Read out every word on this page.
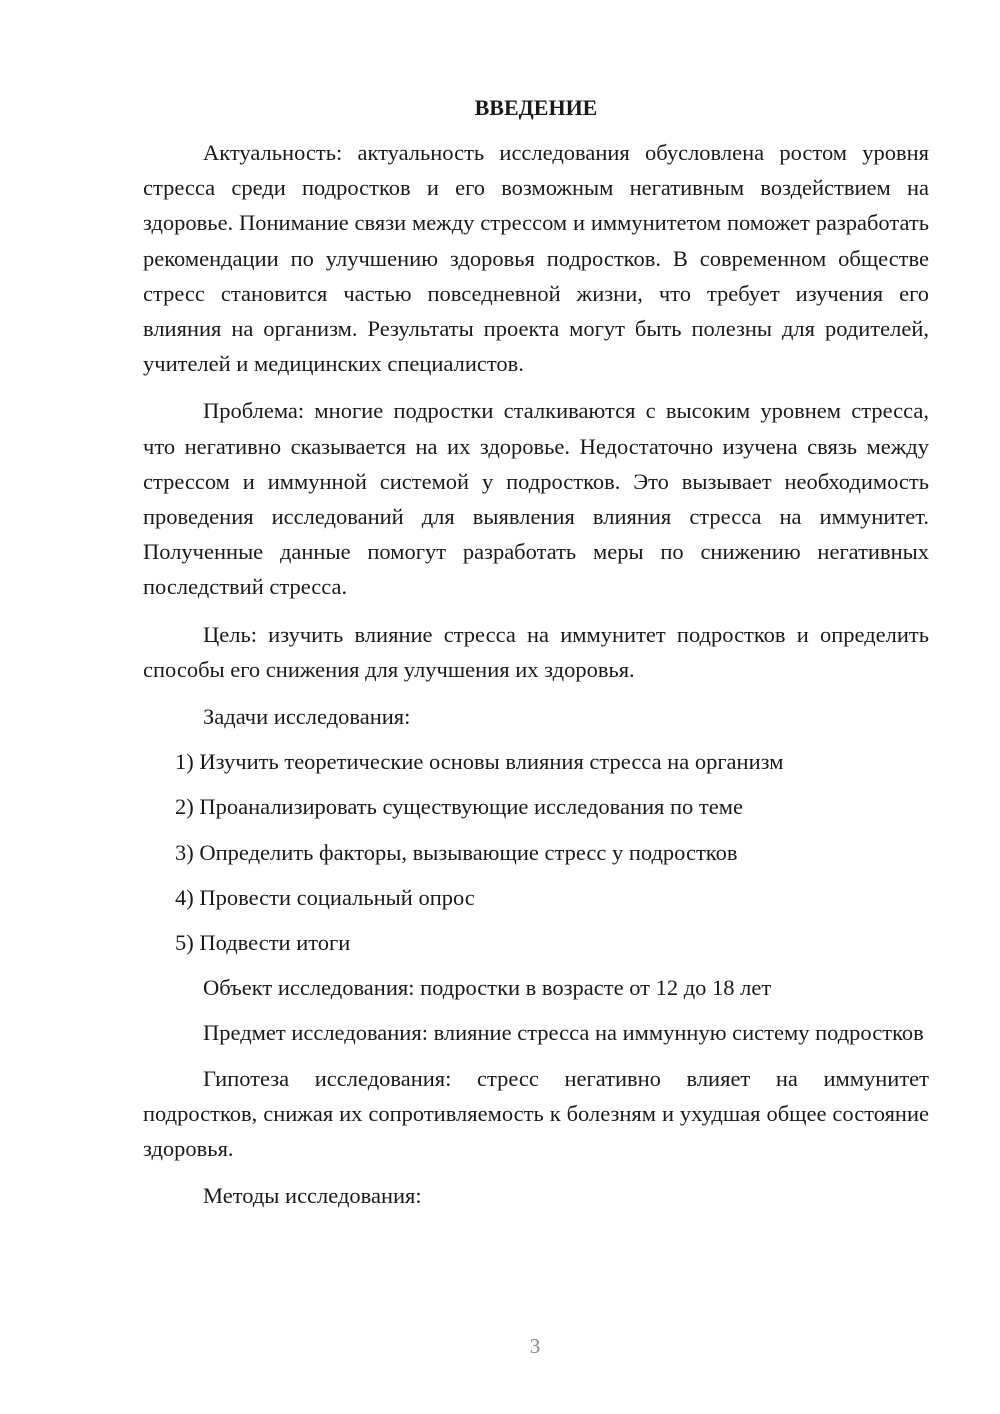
ВВЕДЕНИЕ

Актуальность: актуальность исследования обусловлена ростом уровня стресса среди подростков и его возможным негативным воздействием на здоровье. Понимание связи между стрессом и иммунитетом поможет разработать рекомендации по улучшению здоровья подростков. В современном обществе стресс становится частью повседневной жизни, что требует изучения его влияния на организм. Результаты проекта могут быть полезны для родителей, учителей и медицинских специалистов.

Проблема: многие подростки сталкиваются с высоким уровнем стресса, что негативно сказывается на их здоровье. Недостаточно изучена связь между стрессом и иммунной системой у подростков. Это вызывает необходимость проведения исследований для выявления влияния стресса на иммунитет. Полученные данные помогут разработать меры по снижению негативных последствий стресса.

Цель: изучить влияние стресса на иммунитет подростков и определить способы его снижения для улучшения их здоровья.

Задачи исследования:

1) Изучить теоретические основы влияния стресса на организм

2) Проанализировать существующие исследования по теме

3) Определить факторы, вызывающие стресс у подростков

4) Провести социальный опрос

5) Подвести итоги

Объект исследования: подростки в возрасте от 12 до 18 лет

Предмет исследования: влияние стресса на иммунную систему подростков

Гипотеза исследования: стресс негативно влияет на иммунитет подростков, снижая их сопротивляемость к болезням и ухудшая общее состояние здоровья.

Методы исследования:

3
